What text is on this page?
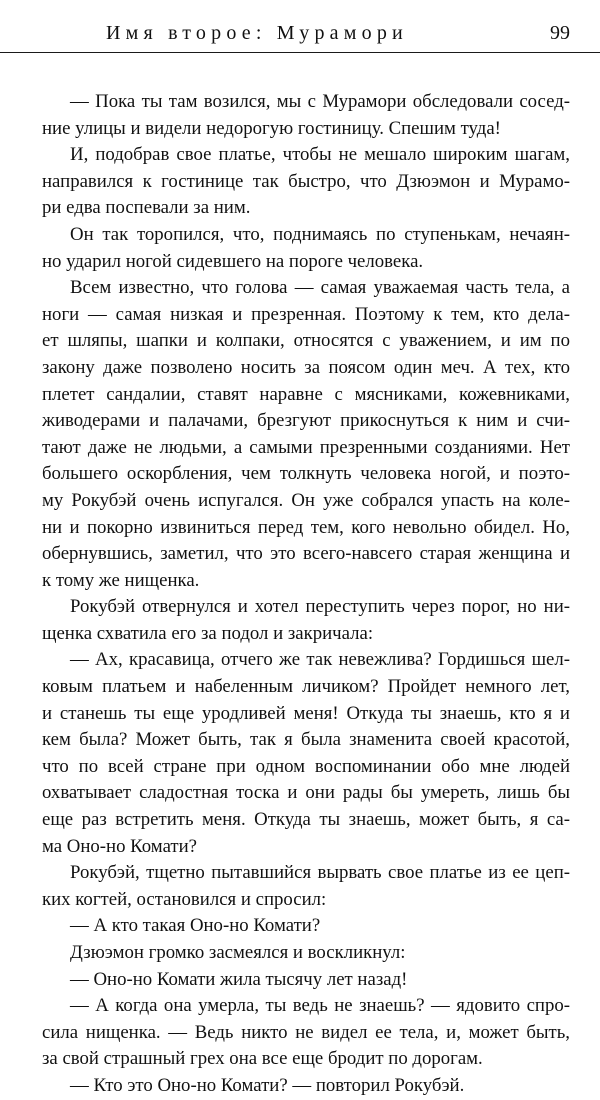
Имя второе: Мурамори	99
— Пока ты там возился, мы с Мурамори обследовали сосед-
ние улицы и видели недорогую гостиницу. Спешим туда!
И, подобрав свое платье, чтобы не мешало широким шагам,
направился к гостинице так быстро, что Дзюэмон и Мурамо-
ри едва поспевали за ним.
Он так торопился, что, поднимаясь по ступенькам, нечаян-
но ударил ногой сидевшего на пороге человека.
Всем известно, что голова — самая уважаемая часть тела, а
ноги — самая низкая и презренная. Поэтому к тем, кто дела-
ет шляпы, шапки и колпаки, относятся с уважением, и им по
закону даже позволено носить за поясом один меч. А тех, кто
плетет сандалии, ставят наравне с мясниками, кожевниками,
живодерами и палачами, брезгуют прикоснуться к ним и счи-
тают даже не людьми, а самыми презренными созданиями. Нет
большего оскорбления, чем толкнуть человека ногой, и поэто-
му Рокубэй очень испугался. Он уже собрался упасть на коле-
ни и покорно извиниться перед тем, кого невольно обидел. Но,
обернувшись, заметил, что это всего-навсего старая женщина и
к тому же нищенка.
Рокубэй отвернулся и хотел переступить через порог, но ни-
щенка схватила его за подол и закричала:
— Ах, красавица, отчего же так невежлива? Гордишься шел-
ковым платьем и набеленным личиком? Пройдет немного лет,
и станешь ты еще уродливей меня! Откуда ты знаешь, кто я и
кем была? Может быть, так я была знаменита своей красотой,
что по всей стране при одном воспоминании обо мне людей
охватывает сладостная тоска и они рады бы умереть, лишь бы
еще раз встретить меня. Откуда ты знаешь, может быть, я са-
ма Оно-но Комати?
Рокубэй, тщетно пытавшийся вырвать свое платье из ее цеп-
ких когтей, остановился и спросил:
— А кто такая Оно-но Комати?
Дзюэмон громко засмеялся и воскликнул:
— Оно-но Комати жила тысячу лет назад!
— А когда она умерла, ты ведь не знаешь? — ядовито спро-
сила нищенка. — Ведь никто не видел ее тела, и, может быть,
за свой страшный грех она все еще бродит по дорогам.
— Кто это Оно-но Комати? — повторил Рокубэй.
